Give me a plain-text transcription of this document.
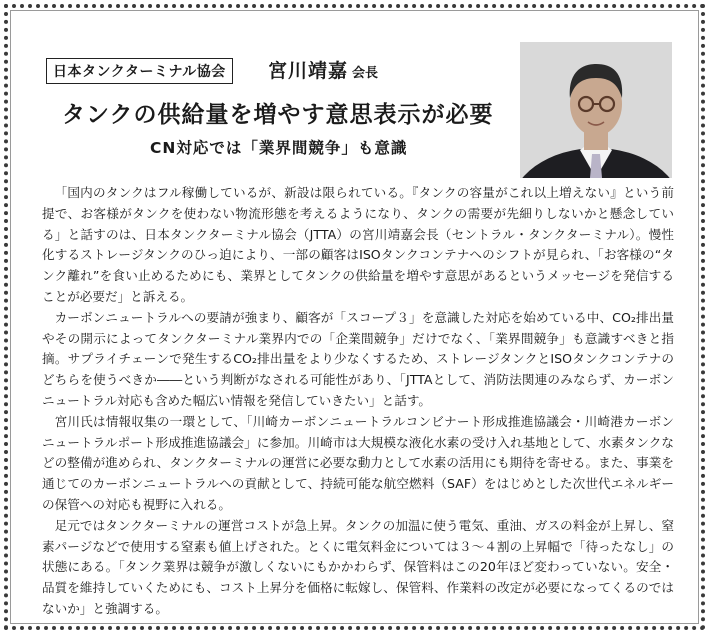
日本タンクターミナル協会	宮川靖嘉 会長
タンクの供給量を増やす意思表示が必要
CN対応では「業界間競争」も意識

「国内のタンクはフル稼働しているが、新設は限られている。『タンクの容量がこれ以上増えない』という前提で、お客様がタンクを使わない物流形態を考えるようになり、タンクの需要が先細りしないかと懸念している」と話すのは、日本タンクターミナル協会（JTTA）の宮川靖嘉会長（セントラル・タンクターミナル）。慢性化するストレージタンクのひっ迫により、一部の顧客はISOタンクコンテナへのシフトが見られ、「お客様の“タンク離れ”を食い止めるためにも、業界としてタンクの供給量を増やす意思があるというメッセージを発信することが必要だ」と訴える。

カーボンニュートラルへの要請が強まり、顧客が「スコープ３」を意識した対応を始めている中、CO₂排出量やその開示によってタンクターミナル業界内での「企業間競争」だけでなく、「業界間競争」も意識すべきと指摘。サプライチェーンで発生するCO₂排出量をより少なくするため、ストレージタンクとISOタンクコンテナのどちらを使うべきか――という判断がなされる可能性があり、「JTTAとして、消防法関連のみならず、カーボンニュートラル対応も含めた幅広い情報を発信していきたい」と話す。

宮川氏は情報収集の一環として、「川崎カーボンニュートラルコンビナート形成推進協議会・川崎港カーボンニュートラルポート形成推進協議会」に参加。川崎市は大規模な液化水素の受け入れ基地として、水素タンクなどの整備が進められ、タンクターミナルの運営に必要な動力として水素の活用にも期待を寄せる。また、事業を通じてのカーボンニュートラルへの貢献として、持続可能な航空燃料（SAF）をはじめとした次世代エネルギーの保管への対応も視野に入れる。

足元ではタンクターミナルの運営コストが急上昇。タンクの加温に使う電気、重油、ガスの料金が上昇し、窒素パージなどで使用する窒素も値上げされた。とくに電気料金については３～４割の上昇幅で「待ったなし」の状態にある。「タンク業界は競争が激しくないにもかかわらず、保管料はこの20年ほど変わっていない。安全・品質を維持していくためにも、コスト上昇分を価格に転嫁し、保管料、作業料の改定が必要になってくるのではないか」と強調する。
